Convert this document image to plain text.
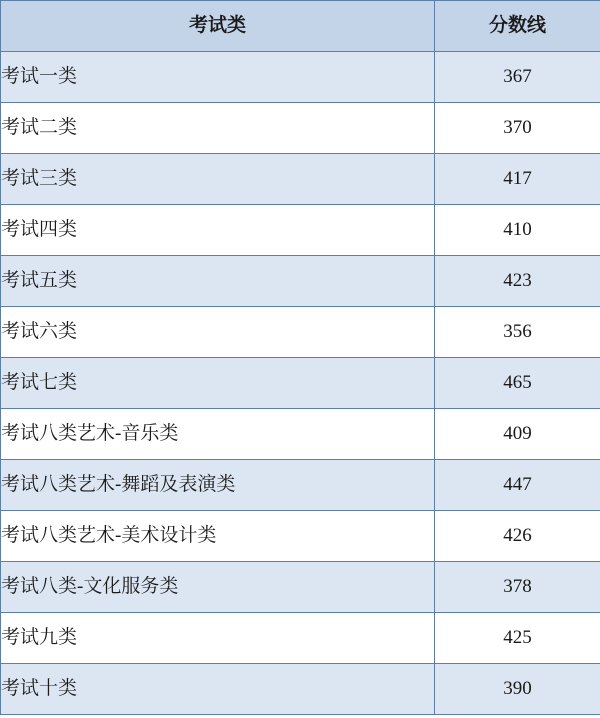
考试类	分数线
考试一类	367
考试二类	370
考试三类	417
考试四类	410
考试五类	423
考试六类	356
考试七类	465
考试八类艺术-音乐类	409
考试八类艺术-舞蹈及表演类	447
考试八类艺术-美术设计类	426
考试八类-文化服务类	378
考试九类	425
考试十类	390
